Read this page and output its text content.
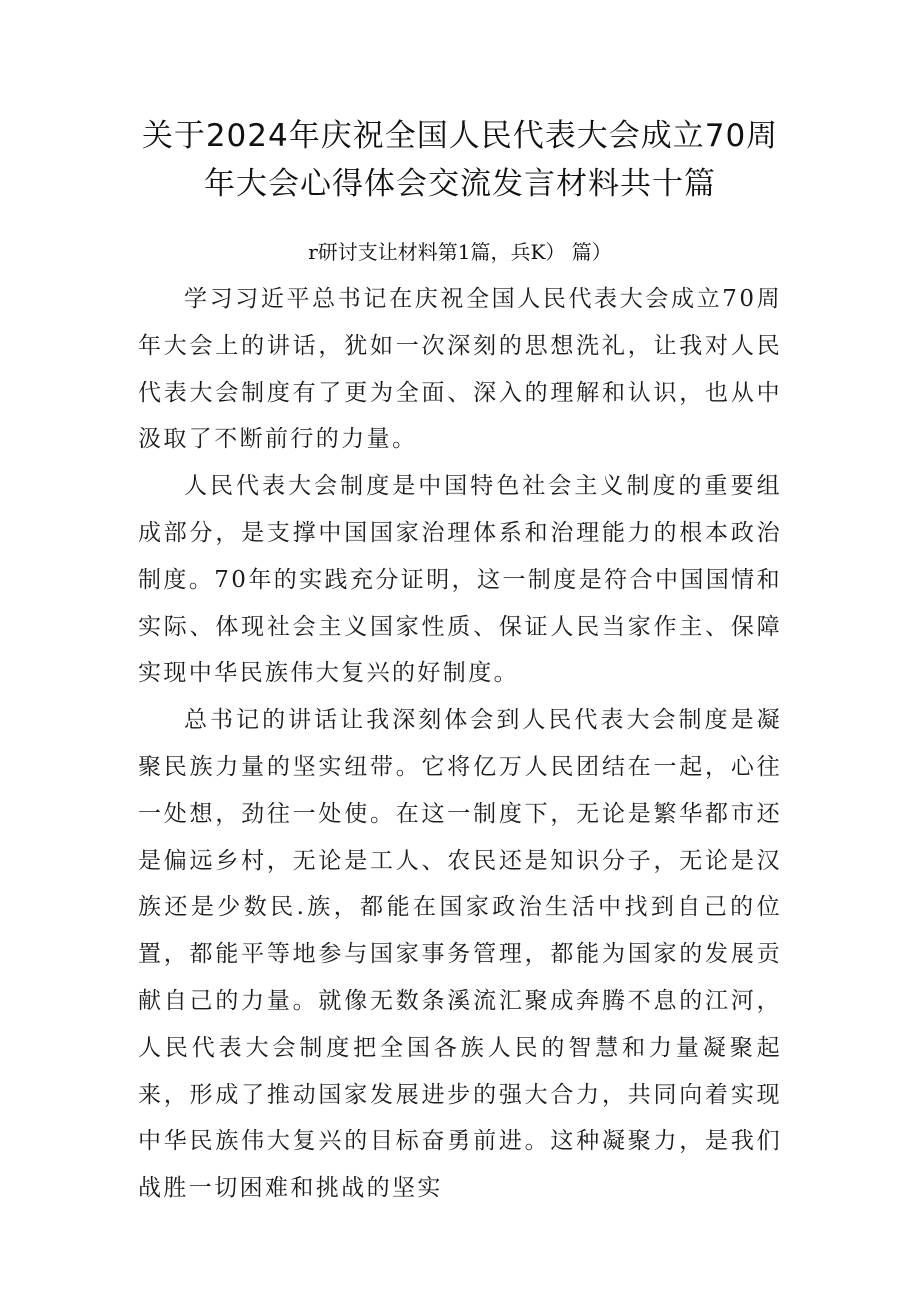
关于2024年庆祝全国人民代表大会成立70周
年大会心得体会交流发言材料共十篇
r研讨支让材料第1篇，兵K） 篇）

学习习近平总书记在庆祝全国人民代表大会成立70周年大会上的讲话，犹如一次深刻的思想洗礼，让我对人民代表大会制度有了更为全面、深入的理解和认识，也从中汲取了不断前行的力量。

人民代表大会制度是中国特色社会主义制度的重要组成部分，是支撑中国国家治理体系和治理能力的根本政治制度。70年的实践充分证明，这一制度是符合中国国情和实际、体现社会主义国家性质、保证人民当家作主、保障实现中华民族伟大复兴的好制度。

总书记的讲话让我深刻体会到人民代表大会制度是凝聚民族力量的坚实纽带。它将亿万人民团结在一起，心往一处想，劲往一处使。在这一制度下，无论是繁华都市还是偏远乡村，无论是工人、农民还是知识分子，无论是汉族还是少数民.族，都能在国家政治生活中找到自己的位置，都能平等地参与国家事务管理，都能为国家的发展贡献自己的力量。就像无数条溪流汇聚成奔腾不息的江河，人民代表大会制度把全国各族人民的智慧和力量凝聚起来，形成了推动国家发展进步的强大合力，共同向着实现中华民族伟大复兴的目标奋勇前进。这种凝聚力，是我们战胜一切困难和挑战的坚实
